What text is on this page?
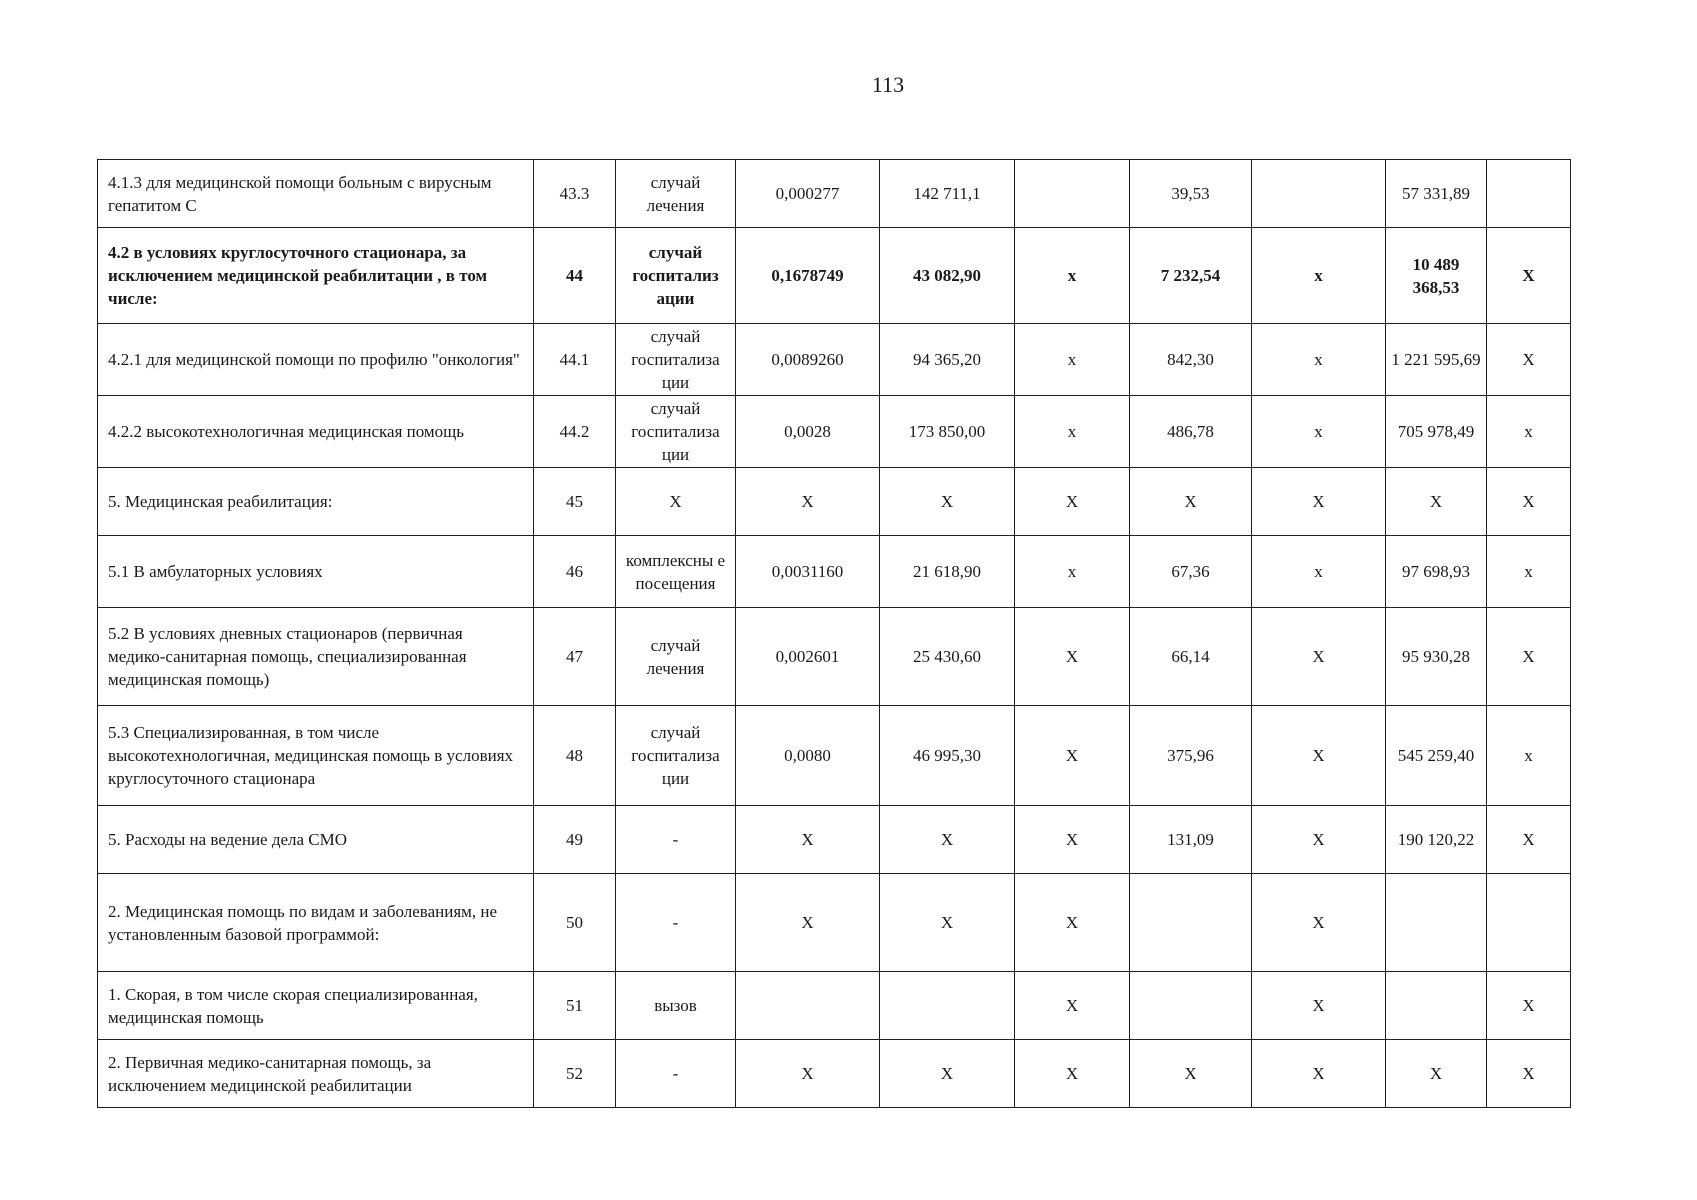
113
4.1.3 для медицинской помощи больным с вирусным гепатитом С	43.3	случай лечения	0,000277	142 711,1		39,53		57 331,89	
4.2 в условиях круглосуточного стационара, за исключением медицинской реабилитации , в том числе:	44	случай госпитализ ации	0,1678749	43 082,90	х	7 232,54	х	10 489 368,53	Х
4.2.1 для медицинской помощи по профилю "онкология"	44.1	случай госпитализа ции	0,0089260	94 365,20	х	842,30	х	1 221 595,69	Х
4.2.2 высокотехнологичная медицинская помощь	44.2	случай госпитализа ции	0,0028	173 850,00	х	486,78	х	705 978,49	х
5. Медицинская реабилитация:	45	Х	Х	Х	Х	Х	Х	Х	Х
5.1 В амбулаторных условиях	46	комплексны е посещения	0,0031160	21 618,90	х	67,36	х	97 698,93	х
5.2 В условиях дневных стационаров (первичная медико-санитарная помощь, специализированная медицинская помощь)	47	случай лечения	0,002601	25 430,60	Х	66,14	Х	95 930,28	Х
5.3 Специализированная, в том числе высокотехнологичная, медицинская помощь в условиях круглосуточного стационара	48	случай госпитализа ции	0,0080	46 995,30	Х	375,96	Х	545 259,40	х
5. Расходы на ведение дела СМО	49	-	Х	Х	Х	131,09	Х	190 120,22	Х
2. Медицинская помощь по видам и заболеваниям, не установленным базовой программой:	50	-	Х	Х	Х		Х		
1. Скорая, в том числе скорая специализированная, медицинская помощь	51	вызов			Х		Х		Х
2. Первичная медико-санитарная помощь, за исключением медицинской реабилитации	52	-	Х	Х	Х	Х	Х	Х	Х
